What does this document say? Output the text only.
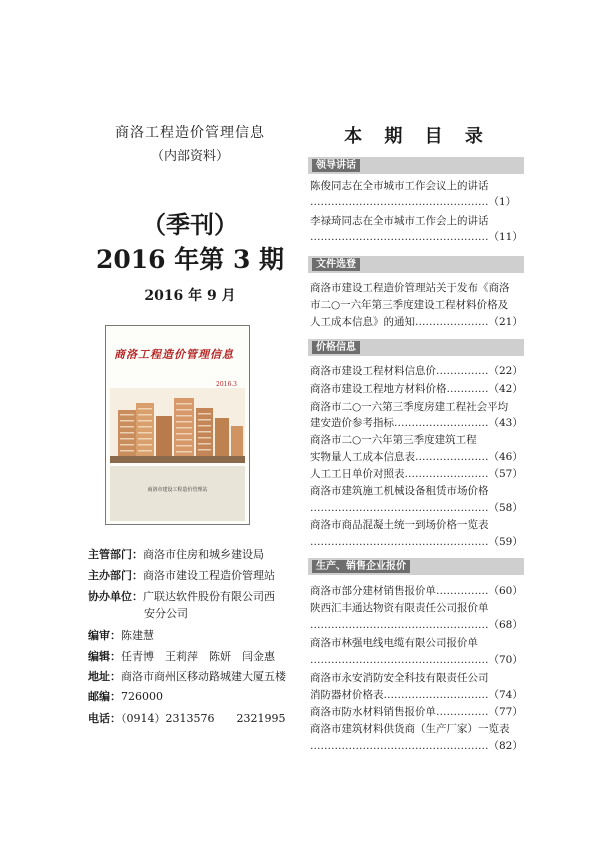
商洛工程造价管理信息
（内部资料）
（季刊）
2016 年第 3 期
2016 年 9 月
商洛工程造价管理信息
2016.3
商洛市建设工程造价管理站
主管部门：商洛市住房和城乡建设局
主办部门：商洛市建设工程造价管理站
协办单位：广联达软件股份有限公司西
安分公司
编审：陈建慧
编辑：任青博　王莉萍　陈妍　闫金惠
地址：商洛市商州区移动路城建大厦五楼
邮编：726000
电话：（0914）2313576　　2321995
本 期 目 录
领导讲话
陈俊同志在全市城市工作会议上的讲话
……………………………………………（1）
李禄琦同志在全市城市工作会上的讲话
……………………………………………（11）
文件选登
商洛市建设工程造价管理站关于发布《商洛
市二○一六年第三季度建设工程材料价格及
人工成本信息》的通知…………………（21）
价格信息
商洛市建设工程材料信息价……………（22）
商洛市建设工程地方材料价格…………（42）
商洛市二○一六第三季度房建工程社会平均
建安造价参考指标………………………（43）
商洛市二○一六年第三季度建筑工程
实物量人工成本信息表…………………（46）
人工工日单价对照表……………………（57）
商洛市建筑施工机械设备租赁市场价格
……………………………………………（58）
商洛市商品混凝土统一到场价格一览表
……………………………………………（59）
生产、销售企业报价
商洛市部分建材销售报价单……………（60）
陕西汇丰通达物资有限责任公司报价单
……………………………………………（68）
商洛市林强电线电缆有限公司报价单
……………………………………………（70）
商洛市永安消防安全科技有限责任公司
消防器材价格表…………………………（74）
商洛市防水材料销售报价单……………（77）
商洛市建筑材料供货商（生产厂家）一览表
……………………………………………（82）
